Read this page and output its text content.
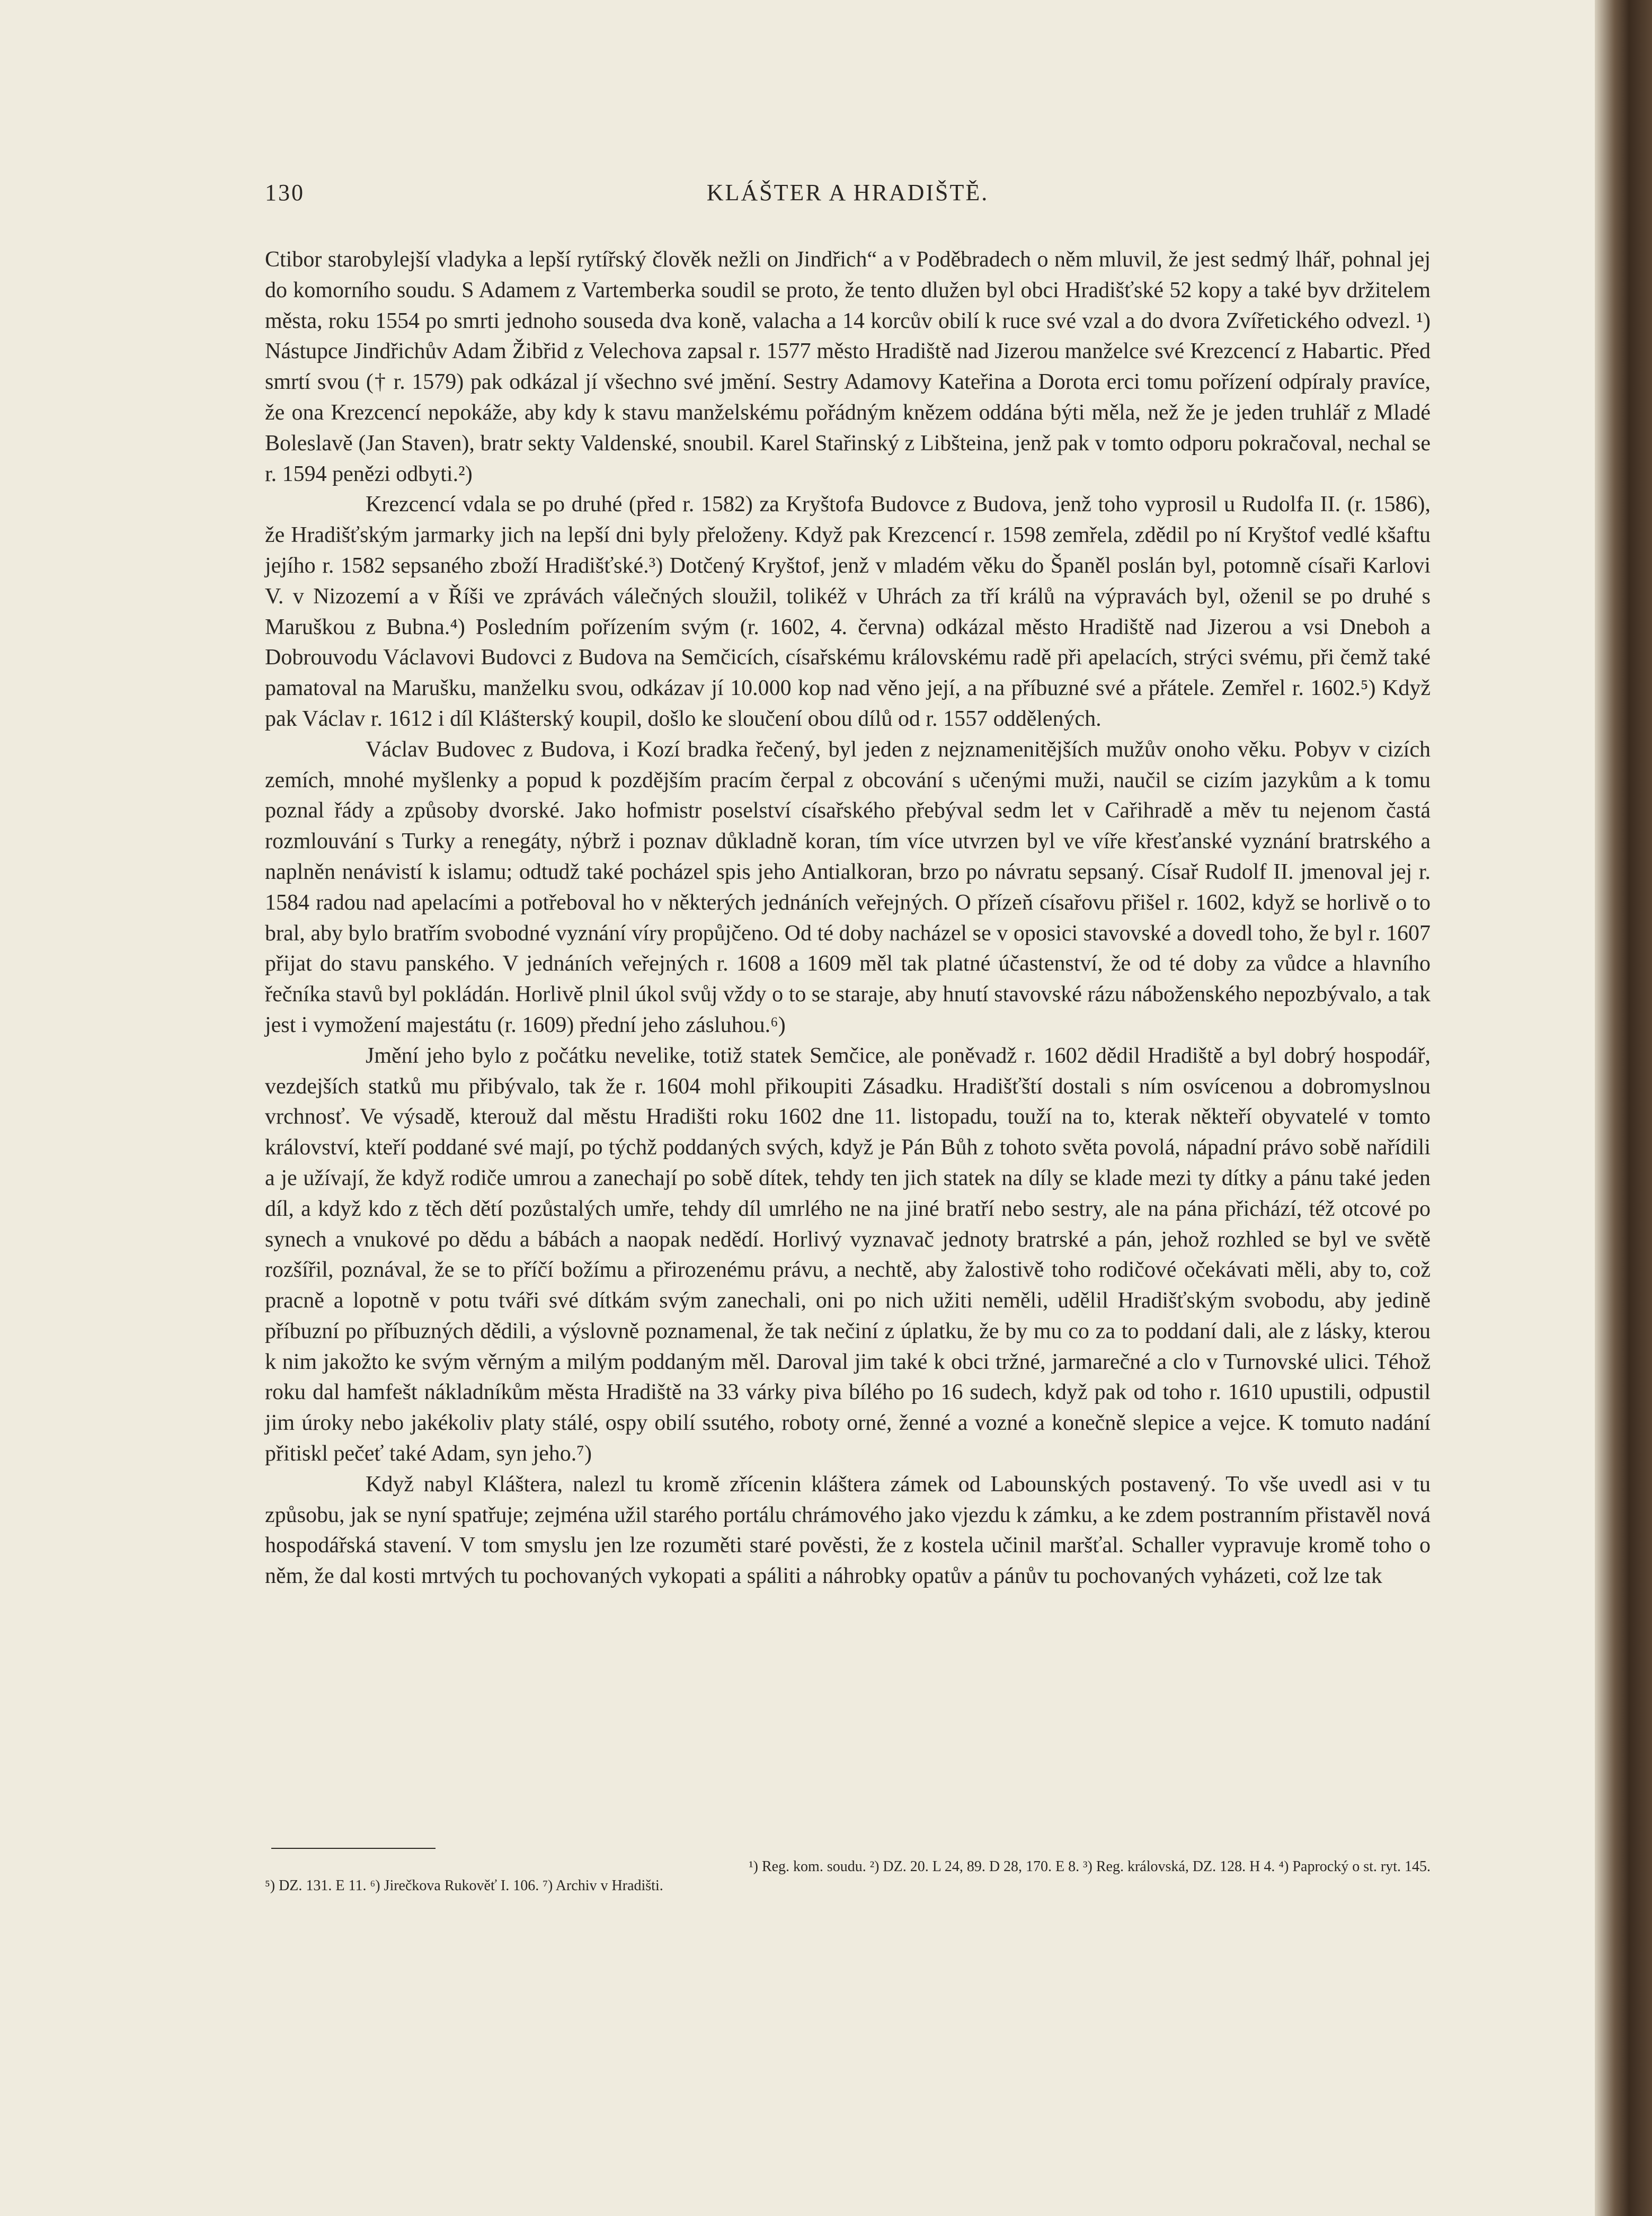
130	KLÁŠTER A HRADIŠTĚ.

Ctibor starobylejší vladyka a lepší rytířský člověk nežli on Jindřich“ a v Poděbradech o něm mluvil, že jest sedmý lhář, pohnal jej do komorního soudu. S Adamem z Vartemberka soudil se proto, že tento dlužen byl obci Hradišťské 52 kopy a také byv držitelem města, roku 1554 po smrti jednoho souseda dva koně, valacha a 14 korcův obilí k ruce své vzal a do dvora Zvířetického odvezl. ¹) Nástupce Jindřichův Adam Žibřid z Velechova zapsal r. 1577 město Hradiště nad Jizerou manželce své Krezcencí z Habartic. Před smrtí svou († r. 1579) pak odkázal jí všechno své jmění. Sestry Adamovy Kateřina a Dorota erci tomu pořízení odpíraly pravíce, že ona Krezcencí nepokáže, aby kdy k stavu manželskému pořádným knězem oddána býti měla, než že je jeden truhlář z Mladé Boleslavě (Jan Staven), bratr sekty Valdenské, snoubil. Karel Stařinský z Libšteina, jenž pak v tomto odporu pokračoval, nechal se r. 1594 penězi odbyti.²)

Krezcencí vdala se po druhé (před r. 1582) za Kryštofa Budovce z Budova, jenž toho vyprosil u Rudolfa II. (r. 1586), že Hradišťským jarmarky jich na lepší dni byly přeloženy. Když pak Krezcencí r. 1598 zemřela, zdědil po ní Kryštof vedlé kšaftu jejího r. 1582 sepsaného zboží Hradišťské.³) Dotčený Kryštof, jenž v mladém věku do Španěl poslán byl, potomně císaři Karlovi V. v Nizozemí a v Říši ve zprávách válečných sloužil, tolikéž v Uhrách za tří králů na výpravách byl, oženil se po druhé s Maruškou z Bubna.⁴) Posledním pořízením svým (r. 1602, 4. června) odkázal město Hradiště nad Jizerou a vsi Dneboh a Dobrouvodu Václavovi Budovci z Budova na Semčicích, císařskému královskému radě při apelacích, strýci svému, při čemž také pamatoval na Marušku, manželku svou, odkázav jí 10.000 kop nad věno její, a na příbuzné své a přátele. Zemřel r. 1602.⁵) Když pak Václav r. 1612 i díl Klášterský koupil, došlo ke sloučení obou dílů od r. 1557 oddělených.

Václav Budovec z Budova, i Kozí bradka řečený, byl jeden z nejznamenitějších mužův onoho věku. Pobyv v cizích zemích, mnohé myšlenky a popud k pozdějším pracím čerpal z obcování s učenými muži, naučil se cizím jazykům a k tomu poznal řády a způsoby dvorské. Jako hofmistr poselství císařského přebýval sedm let v Cařihradě a měv tu nejenom častá rozmlouvání s Turky a renegáty, nýbrž i poznav důkladně koran, tím více utvrzen byl ve víře křesťanské vyznání bratrského a naplněn nenávistí k islamu; odtudž také pocházel spis jeho Antialkoran, brzo po návratu sepsaný. Císař Rudolf II. jmenoval jej r. 1584 radou nad apelacími a potřeboval ho v některých jednáních veřejných. O přízeň císařovu přišel r. 1602, když se horlivě o to bral, aby bylo bratřím svobodné vyznání víry propůjčeno. Od té doby nacházel se v oposici stavovské a dovedl toho, že byl r. 1607 přijat do stavu panského. V jednáních veřejných r. 1608 a 1609 měl tak platné účastenství, že od té doby za vůdce a hlavního řečníka stavů byl pokládán. Horlivě plnil úkol svůj vždy o to se staraje, aby hnutí stavovské rázu náboženského nepozbývalo, a tak jest i vymožení majestátu (r. 1609) přední jeho zásluhou.⁶)

Jmění jeho bylo z počátku nevelike, totiž statek Semčice, ale poněvadž r. 1602 dědil Hradiště a byl dobrý hospodář, vezdejších statků mu přibývalo, tak že r. 1604 mohl přikoupiti Zásadku. Hradišťští dostali s ním osvícenou a dobromyslnou vrchnosť. Ve výsadě, kterouž dal městu Hradišti roku 1602 dne 11. listopadu, touží na to, kterak někteří obyvatelé v tomto království, kteří poddané své mají, po týchž poddaných svých, když je Pán Bůh z tohoto světa povolá, nápadní právo sobě nařídili a je užívají, že když rodiče umrou a zanechají po sobě dítek, tehdy ten jich statek na díly se klade mezi ty dítky a pánu také jeden díl, a když kdo z těch dětí pozůstalých umře, tehdy díl umrlého ne na jiné bratří nebo sestry, ale na pána přichází, též otcové po synech a vnukové po dědu a bábách a naopak nedědí. Horlivý vyznavač jednoty bratrské a pán, jehož rozhled se byl ve světě rozšířil, poznával, že se to příčí božímu a přirozenému právu, a nechtě, aby žalostivě toho rodičové očekávati měli, aby to, což pracně a lopotně v potu tváři své dítkám svým zanechali, oni po nich užiti neměli, udělil Hradišťským svobodu, aby jedině příbuzní po příbuzných dědili, a výslovně poznamenal, že tak nečiní z úplatku, že by mu co za to poddaní dali, ale z lásky, kterou k nim jakožto ke svým věrným a milým poddaným měl. Daroval jim také k obci tržné, jarmarečné a clo v Turnovské ulici. Téhož roku dal hamfešt nákladníkům města Hradiště na 33 várky piva bílého po 16 sudech, když pak od toho r. 1610 upustili, odpustil jim úroky nebo jakékoliv platy stálé, ospy obilí ssutého, roboty orné, ženné a vozné a konečně slepice a vejce. K tomuto nadání přitiskl pečeť také Adam, syn jeho.⁷)

Když nabyl Kláštera, nalezl tu kromě zřícenin kláštera zámek od Labounských postavený. To vše uvedl asi v tu způsobu, jak se nyní spatřuje; zejména užil starého portálu chrámového jako vjezdu k zámku, a ke zdem postranním přistavěl nová hospodářská stavení. V tom smyslu jen lze rozuměti staré pověsti, že z kostela učinil maršťal. Schaller vypravuje kromě toho o něm, že dal kosti mrtvých tu pochovaných vykopati a spáliti a náhrobky opatův a pánův tu pochovaných vyházeti, což lze tak

¹) Reg. kom. soudu. ²) DZ. 20. L 24, 89. D 28, 170. E 8. ³) Reg. královská, DZ. 128. H 4. ⁴) Paprocký o st. ryt. 145.

⁵) DZ. 131. E 11. ⁶) Jirečkova Rukověť I. 106. ⁷) Archiv v Hradišti.
